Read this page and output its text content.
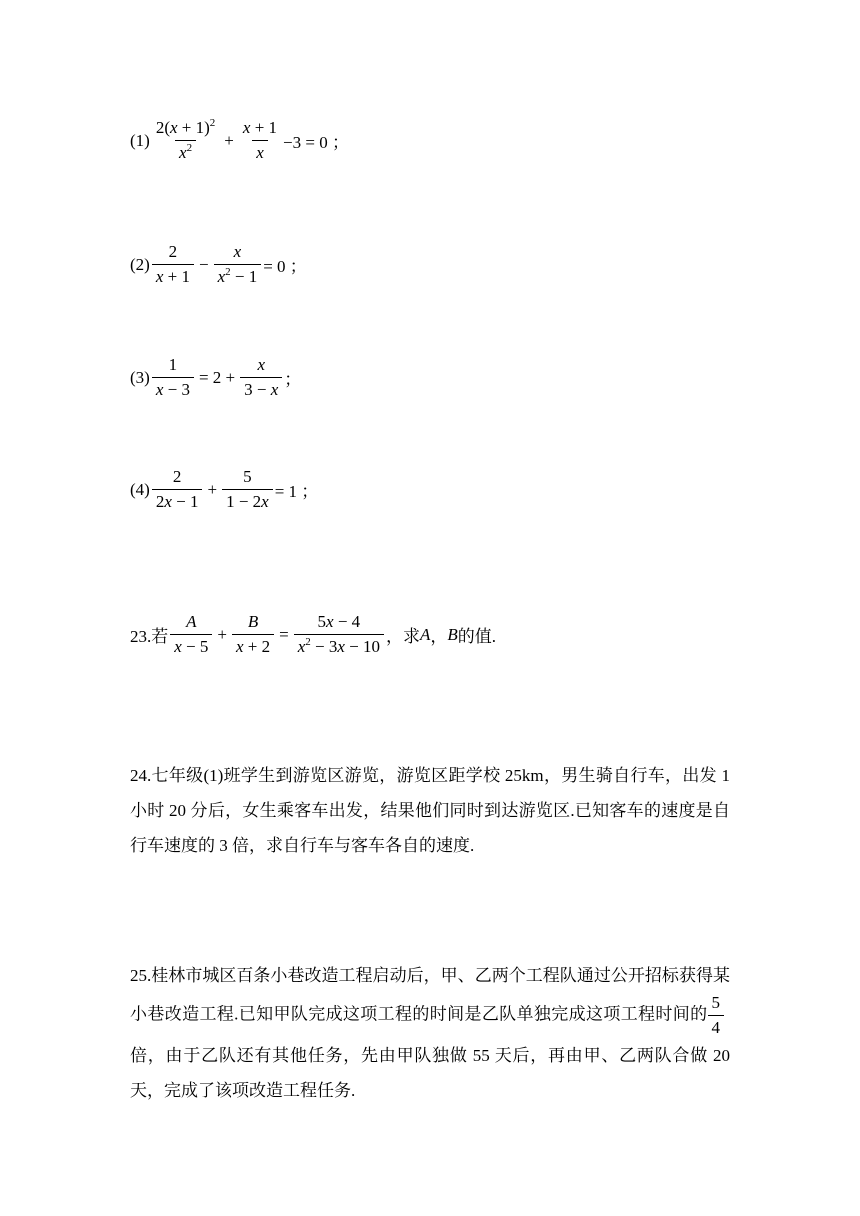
$(1) \frac{2(x + 1)^2}{x^2} + \frac{x + 1}{x} -3 = 0$ ；
$(2) \frac{2}{x + 1} - \frac{x}{x^2 - 1} = 0$ ；
$(3) \frac{1}{x - 3} = 2 + \frac{x}{3 - x}$ ；
$(4) \frac{2}{2x - 1} + \frac{5}{1 - 2x} = 1$ ；
23.若 $\frac{A}{x - 5} + \frac{B}{x + 2} = \frac{5x - 4}{x^2 - 3x - 10}$ ，求 A ， B 的值.
24.七年级(1)班学生到游览区游览，游览区距学校 25km，男生骑自行车，出发 1 小时 20 分后，女生乘客车出发，结果他们同时到达游览区.已知客车的速度是自行车速度的 3 倍，求自行车与客车各自的速度.
25.桂林市城区百条小巷改造工程启动后，甲、乙两个工程队通过公开招标获得某小巷改造工程.已知甲队完成这项工程的时间是乙队单独完成这项工程时间的 $\frac{5}{4}$
倍，由于乙队还有其他任务，先由甲队独做 55 天后，再由甲、乙两队合做 20 天，完成了该项改造工程任务.
